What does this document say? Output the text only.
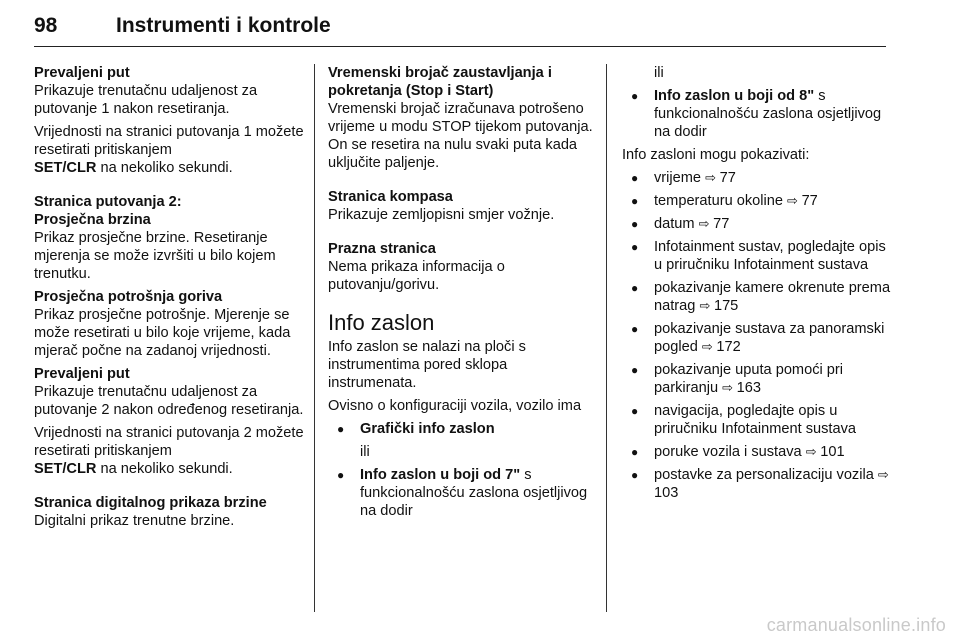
98	Instrumenti i kontrole
Prevaljeni put
Prikazuje trenutačnu udaljenost za putovanje 1 nakon resetiranja.
Vrijednosti na stranici putovanja 1 možete resetirati pritiskanjem
SET/CLR na nekoliko sekundi.
Stranica putovanja 2:
Prosječna brzina
Prikaz prosječne brzine. Resetiranje mjerenja se može izvršiti u bilo kojem trenutku.
Prosječna potrošnja goriva
Prikaz prosječne potrošnje. Mjerenje se može resetirati u bilo koje vrijeme, kada mjerač počne na zadanoj vrijednosti.
Prevaljeni put
Prikazuje trenutačnu udaljenost za putovanje 2 nakon određenog resetiranja.
Vrijednosti na stranici putovanja 2 možete resetirati pritiskanjem
SET/CLR na nekoliko sekundi.
Stranica digitalnog prikaza brzine
Digitalni prikaz trenutne brzine.
Vremenski brojač zaustavljanja i pokretanja (Stop i Start)
Vremenski brojač izračunava potrošeno vrijeme u modu STOP tijekom putovanja. On se resetira na nulu svaki puta kada uključite paljenje.
Stranica kompasa
Prikazuje zemljopisni smjer vožnje.
Prazna stranica
Nema prikaza informacija o putovanju/gorivu.
Info zaslon
Info zaslon se nalazi na ploči s instrumentima pored sklopa instrumenata.
Ovisno o konfiguraciji vozila, vozilo ima
● Grafički info zaslon
ili
● Info zaslon u boji od 7" s funkcionalnošću zaslona osjetljivog na dodir
ili
● Info zaslon u boji od 8" s funkcionalnošću zaslona osjetljivog na dodir
Info zasloni mogu pokazivati:
● vrijeme ⇨ 77
● temperaturu okoline ⇨ 77
● datum ⇨ 77
● Infotainment sustav, pogledajte opis u priručniku Infotainment sustava
● pokazivanje kamere okrenute prema natrag ⇨ 175
● pokazivanje sustava za panoramski pogled ⇨ 172
● pokazivanje uputa pomoći pri parkiranju ⇨ 163
● navigacija, pogledajte opis u priručniku Infotainment sustava
● poruke vozila i sustava ⇨ 101
● postavke za personalizaciju vozila ⇨ 103
carmanualsonline.info
